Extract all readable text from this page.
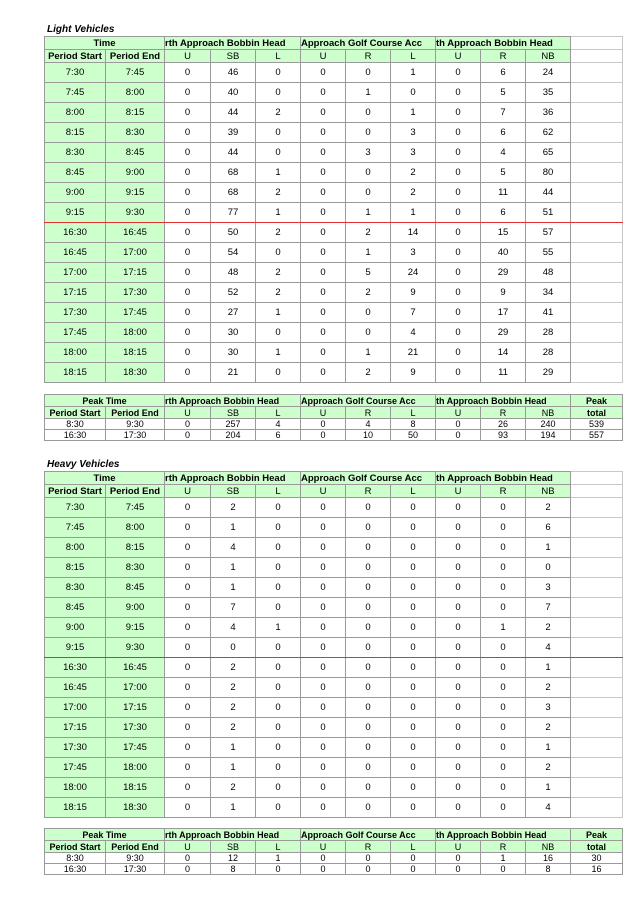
Light Vehicles
Time		rth Approach Bobbin Head			Approach Golf Course Acc			th Approach Bobbin Head			
Period Start	Period End	U	SB	L	U	R	L	U	R	NB	
7:30	7:45	0	46	0	0	0	1	0	6	24	
7:45	8:00	0	40	0	0	1	0	0	5	35	
8:00	8:15	0	44	2	0	0	1	0	7	36	
8:15	8:30	0	39	0	0	0	3	0	6	62	
8:30	8:45	0	44	0	0	3	3	0	4	65	
8:45	9:00	0	68	1	0	0	2	0	5	80	
9:00	9:15	0	68	2	0	0	2	0	11	44	
9:15	9:30	0	77	1	0	1	1	0	6	51	
16:30	16:45	0	50	2	0	2	14	0	15	57	
16:45	17:00	0	54	0	0	1	3	0	40	55	
17:00	17:15	0	48	2	0	5	24	0	29	48	
17:15	17:30	0	52	2	0	2	9	0	9	34	
17:30	17:45	0	27	1	0	0	7	0	17	41	
17:45	18:00	0	30	0	0	0	4	0	29	28	
18:00	18:15	0	30	1	0	1	21	0	14	28	
18:15	18:30	0	21	0	0	2	9	0	11	29	
Peak Time		rth Approach Bobbin Head			Approach Golf Course Acc			th Approach Bobbin Head			Peak
Period Start	Period End	U	SB	L	U	R	L	U	R	NB	total
8:30	9:30	0	257	4	0	4	8	0	26	240	539
16:30	17:30	0	204	6	0	10	50	0	93	194	557
Heavy Vehicles
Time		rth Approach Bobbin Head			Approach Golf Course Acc			th Approach Bobbin Head			
Period Start	Period End	U	SB	L	U	R	L	U	R	NB	
7:30	7:45	0	2	0	0	0	0	0	0	2	
7:45	8:00	0	1	0	0	0	0	0	0	6	
8:00	8:15	0	4	0	0	0	0	0	0	1	
8:15	8:30	0	1	0	0	0	0	0	0	0	
8:30	8:45	0	1	0	0	0	0	0	0	3	
8:45	9:00	0	7	0	0	0	0	0	0	7	
9:00	9:15	0	4	1	0	0	0	0	1	2	
9:15	9:30	0	0	0	0	0	0	0	0	4	
16:30	16:45	0	2	0	0	0	0	0	0	1	
16:45	17:00	0	2	0	0	0	0	0	0	2	
17:00	17:15	0	2	0	0	0	0	0	0	3	
17:15	17:30	0	2	0	0	0	0	0	0	2	
17:30	17:45	0	1	0	0	0	0	0	0	1	
17:45	18:00	0	1	0	0	0	0	0	0	2	
18:00	18:15	0	2	0	0	0	0	0	0	1	
18:15	18:30	0	1	0	0	0	0	0	0	4	
Peak Time		rth Approach Bobbin Head			Approach Golf Course Acc			th Approach Bobbin Head			Peak
Period Start	Period End	U	SB	L	U	R	L	U	R	NB	total
8:30	9:30	0	12	1	0	0	0	0	1	16	30
16:30	17:30	0	8	0	0	0	0	0	0	8	16
